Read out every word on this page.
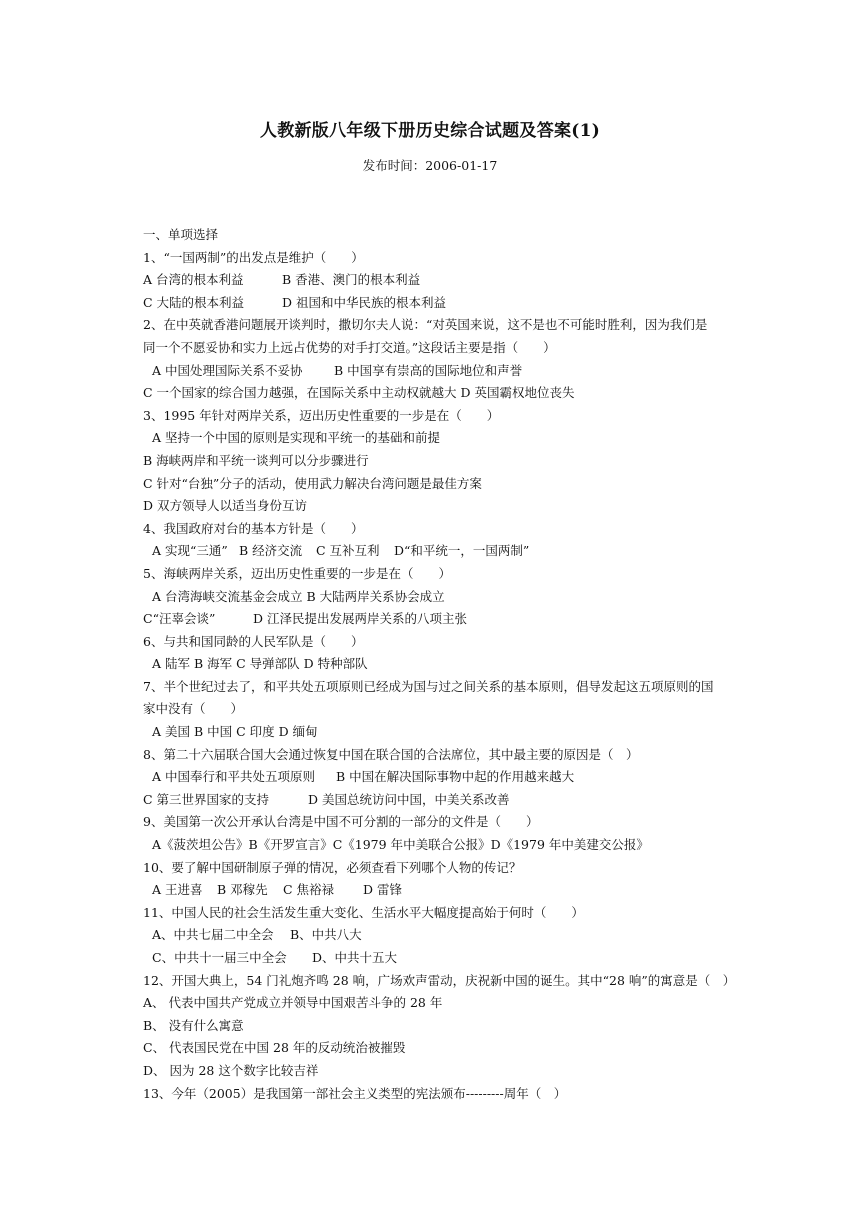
人教新版八年级下册历史综合试题及答案(1)
发布时间：2006-01-17
一、单项选择
1、“一国两制”的出发点是维护（　　）
A 台湾的根本利益	B 香港、澳门的根本利益
C 大陆的根本利益	D 祖国和中华民族的根本利益
2、在中英就香港问题展开谈判时，撒切尔夫人说：“对英国来说，这不是也不可能时胜利，因为我们是
同一个不愿妥协和实力上远占优势的对手打交道。”这段话主要是指（　　）
A 中国处理国际关系不妥协	B 中国享有崇高的国际地位和声誉
C 一个国家的综合国力越强，在国际关系中主动权就越大 D 英国霸权地位丧失
3、1995 年针对两岸关系，迈出历史性重要的一步是在（　　）
A 坚持一个中国的原则是实现和平统一的基础和前提
B 海峡两岸和平统一谈判可以分步骤进行
C 针对“台独”分子的活动，使用武力解决台湾问题是最佳方案
D 双方领导人以适当身份互访
4、我国政府对台的基本方针是（　　）
A 实现“三通” B 经济交流 C 互补互利 D“和平统一，一国两制”
5、海峡两岸关系，迈出历史性重要的一步是在（　　）
A 台湾海峡交流基金会成立 B 大陆两岸关系协会成立
C“汪辜会谈”	D 江泽民提出发展两岸关系的八项主张
6、与共和国同龄的人民军队是（　　）
A 陆军 B 海军 C 导弹部队 D 特种部队
7、半个世纪过去了，和平共处五项原则已经成为国与过之间关系的基本原则，倡导发起这五项原则的国
家中没有（　　）
A 美国 B 中国 C 印度 D 缅甸
8、第二十六届联合国大会通过恢复中国在联合国的合法席位，其中最主要的原因是（　）
A 中国奉行和平共处五项原则 B 中国在解决国际事物中起的作用越来越大
C 第三世界国家的支持	D 美国总统访问中国，中美关系改善
9、美国第一次公开承认台湾是中国不可分割的一部分的文件是（　　）
A《菠茨坦公告》B《开罗宣言》C《1979 年中美联合公报》D《1979 年中美建交公报》
10、要了解中国研制原子弹的情况，必须查看下列哪个人物的传记？
A 王进喜 B 邓稼先 C 焦裕禄 D 雷锋
11、中国人民的社会生活发生重大变化、生活水平大幅度提高始于何时（　　）
A、中共七届二中全会 B、中共八大
C、中共十一届三中全会 D、中共十五大
12、开国大典上，54 门礼炮齐鸣 28 响，广场欢声雷动，庆祝新中国的诞生。其中“28 响”的寓意是（　）
A、 代表中国共产党成立并领导中国艰苦斗争的 28 年
B、 没有什么寓意
C、 代表国民党在中国 28 年的反动统治被摧毁
D、 因为 28 这个数字比较吉祥
13、今年（2005）是我国第一部社会主义类型的宪法颁布---------周年（　）
